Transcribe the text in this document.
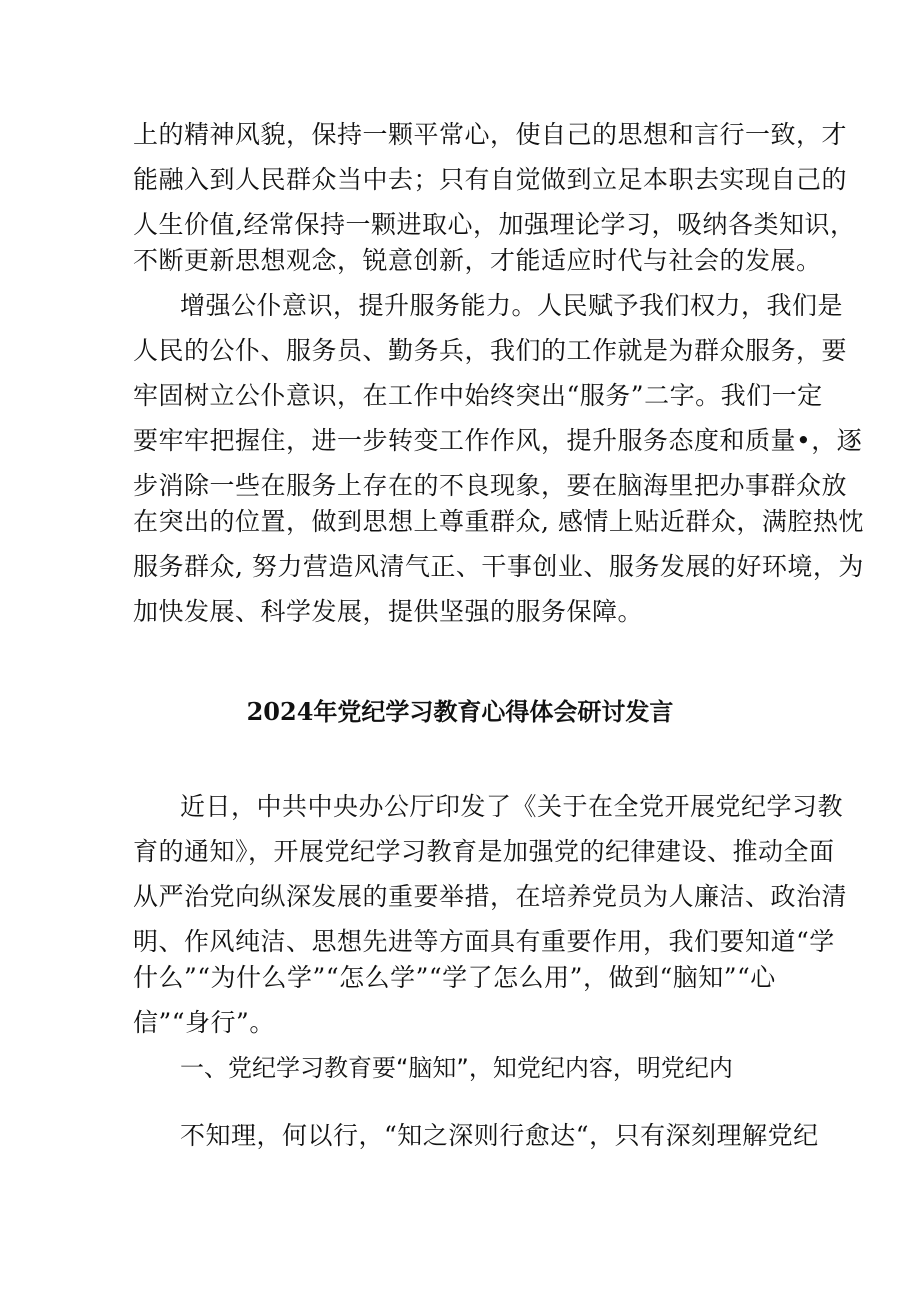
上的精神风貌，保持一颗平常心，使自己的思想和言行一致，才
能融入到人民群众当中去；只有自觉做到立足本职去实现自己的
人生价值,经常保持一颗进取心，加强理论学习，吸纳各类知识，
不断更新思想观念，锐意创新，才能适应时代与社会的发展。
增强公仆意识，提升服务能力。人民赋予我们权力，我们是
人民的公仆、服务员、勤务兵，我们的工作就是为群众服务，要
牢固树立公仆意识，在工作中始终突出“服务”二字。我们一定
要牢牢把握住，进一步转变工作作风，提升服务态度和质量•，逐
步消除一些在服务上存在的不良现象，要在脑海里把办事群众放
在突出的位置，做到思想上尊重群众, 感情上贴近群众，满腔热忱
服务群众, 努力营造风清气正、干事创业、服务发展的好环境，为
加快发展、科学发展，提供坚强的服务保障。
2024年党纪学习教育心得体会研讨发言
近日，中共中央办公厅印发了《关于在全党开展党纪学习教
育的通知》，开展党纪学习教育是加强党的纪律建设、推动全面
从严治党向纵深发展的重要举措，在培养党员为人廉洁、政治清
明、作风纯洁、思想先进等方面具有重要作用，我们要知道“学
什么”“为什么学”“怎么学”“学了怎么用”，做到“脑知”“心
信”“身行”。
一、党纪学习教育要“脑知”，知党纪内容，明党纪内
不知理，何以行，“知之深则行愈达“，只有深刻理解党纪
